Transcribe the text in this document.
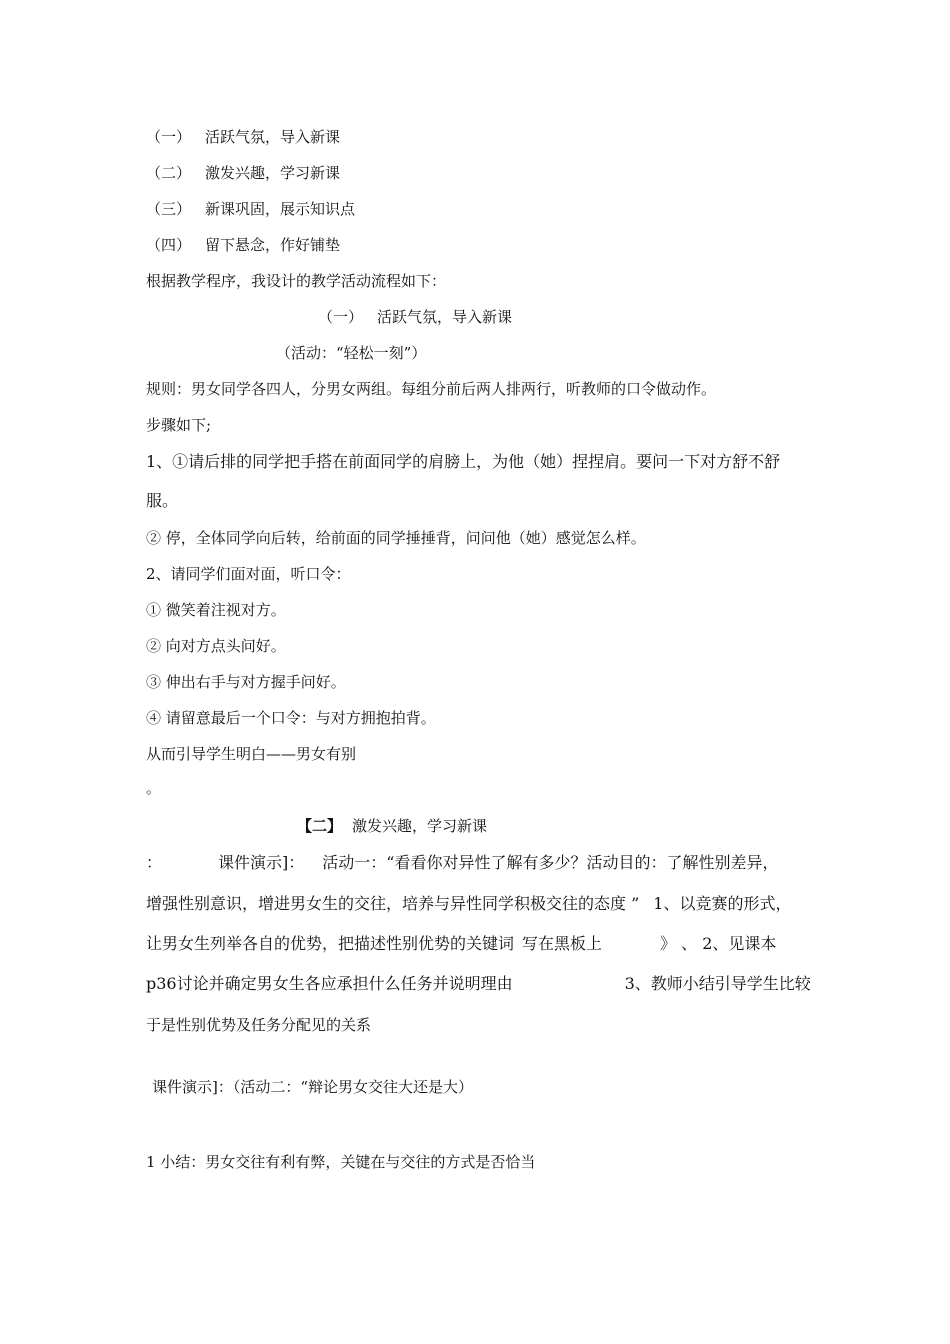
（一） 活跃气氛，导入新课
（二） 激发兴趣，学习新课
（三） 新课巩固，展示知识点
（四） 留下悬念，作好铺垫
根据教学程序，我设计的教学活动流程如下：
（一） 活跃气氛，导入新课
（活动：“轻松一刻”）
规则：男女同学各四人，分男女两组。每组分前后两人排两行，听教师的口令做动作。
步骤如下;
1、①请后排的同学把手搭在前面同学的肩膀上，为他（她）捏捏肩。要问一下对方舒不舒
服。
② 停，全体同学向后转，给前面的同学捶捶背，问问他（她）感觉怎么样。
2、请同学们面对面，听口令：
① 微笑着注视对方。
② 向对方点头问好。
③ 伸出右手与对方握手问好。
④ 请留意最后一个口令：与对方拥抱拍背。
从而引导学生明白——男女有别
。
【二】 激发兴趣，学习新课
：	课件演示]： 活动一：“看看你对异性了解有多少？活动目的：了解性别差异，
增强性别意识，增进男女生的交往，培养与异性同学积极交往的态度 ” 1、以竞赛的形式，
让男女生列举各自的优势，把描述性别优势的关键词 写在黑板上	》 、 2、见课本
p36讨论并确定男女生各应承担什么任务并说明理由	3、教师小结引导学生比较
于是性别优势及任务分配见的关系
课件演示]：（活动二：“辩论男女交往大还是大）
1 小结：男女交往有利有弊，关键在与交往的方式是否恰当
